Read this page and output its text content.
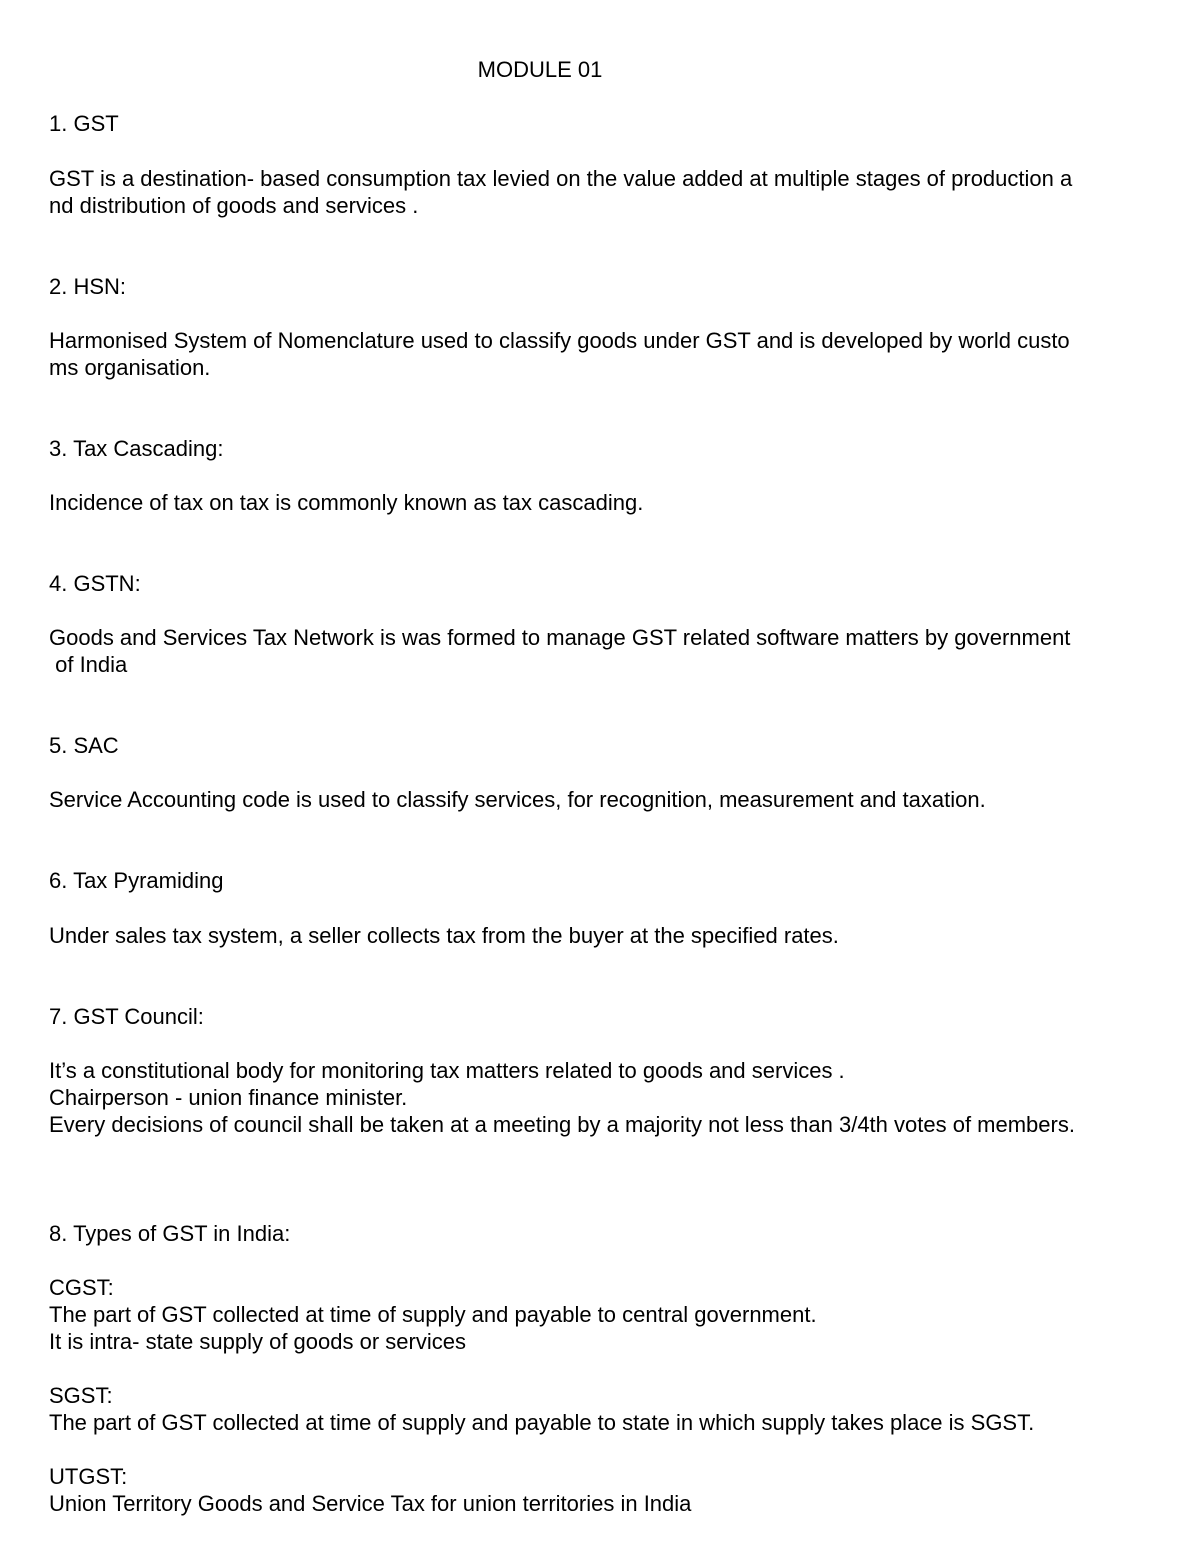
MODULE 01
1. GST
GST is a destination- based consumption tax levied on the value added at multiple stages of production a
nd distribution of goods and services .
2. HSN:
Harmonised System of Nomenclature used to classify goods under GST and is developed by world custo
ms organisation.
3. Tax Cascading:
Incidence of tax on tax is commonly known as tax cascading.
4. GSTN:
Goods and Services Tax Network is was formed to manage GST related software matters by government
of India
5. SAC
Service Accounting code is used to classify services, for recognition, measurement and taxation.
6. Tax Pyramiding
Under sales tax system, a seller collects tax from the buyer at the specified rates.
7. GST Council:
It’s a constitutional body for monitoring tax matters related to goods and services .
Chairperson - union finance minister.
Every decisions of council shall be taken at a meeting by a majority not less than 3/4th votes of members.
8. Types of GST in India:
CGST:
The part of GST collected at time of supply and payable to central government.
It is intra- state supply of goods or services
SGST:
The part of GST collected at time of supply and payable to state in which supply takes place is SGST.
UTGST:
Union Territory Goods and Service Tax for union territories in India
